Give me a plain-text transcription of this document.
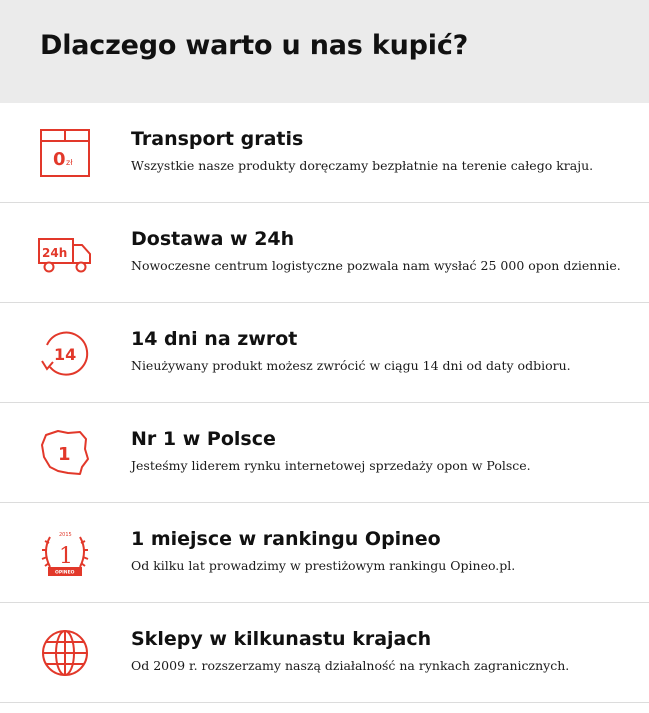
Dlaczego warto u nas kupić?
0 zł

Transport gratis

Wszystkie nasze produkty doręczamy bezpłatnie na terenie całego kraju.

24h

Dostawa w 24h

Nowoczesne centrum logistyczne pozwala nam wysłać 25 000 opon dziennie.

14

14 dni na zwrot

Nieużywany produkt możesz zwrócić w ciągu 14 dni od daty odbioru.

1

Nr 1 w Polsce

Jesteśmy liderem rynku internetowej sprzedaży opon w Polsce.

2015
1
OPINEO

1 miejsce w rankingu Opineo

Od kilku lat prowadzimy w prestiżowym rankingu Opineo.pl.

Sklepy w kilkunastu krajach

Od 2009 r. rozszerzamy naszą działalność na rynkach zagranicznych.
